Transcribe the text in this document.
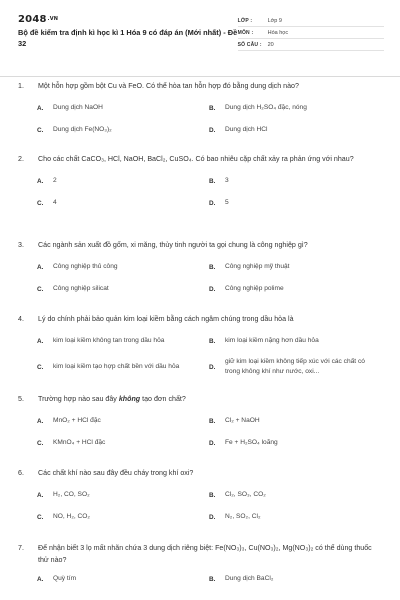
2048.VN
Bộ đề kiểm tra định kì học kì 1 Hóa 9 có đáp án (Mới nhất) - Đề 32
LỚP :	Lớp 9
MÔN :	Hóa học
SỐ CÂU :	20
1.	Một hỗn hợp gồm bột Cu và FeO. Có thể hòa tan hỗn hợp đó bằng dung dịch nào?
A.	Dung dịch NaOH	B.	Dung dịch H₂SO₄ đặc, nóng
C.	Dung dịch Fe(NO₃)₂	D.	Dung dịch HCl
2.	Cho các chất CaCO₃, HCl, NaOH, BaCl₂, CuSO₄. Có bao nhiêu cặp chất xảy ra phản ứng với nhau?
A.	2	B.	3
C.	4	D.	5
3.	Các ngành sản xuất đồ gốm, xi măng, thủy tinh người ta gọi chung là công nghiệp gì?
A.	Công nghiệp thủ công	B.	Công nghiệp mỹ thuật
C.	Công nghiệp silicat	D.	Công nghiệp polime
4.	Lý do chính phải bảo quản kim loại kiềm bằng cách ngâm chúng trong dầu hỏa là
A.	kim loại kiềm không tan trong dầu hỏa	B.	kim loại kiềm nặng hơn dầu hỏa
C.	kim loại kiềm tạo hợp chất bền với dầu hỏa	D.
giữ kim loại kiềm không tiếp xúc với các chất có trong không khí như nước, oxi...
5.	Trường hợp nào sau đây không tạo đơn chất?
A.	MnO₂ + HCl đặc	B.	Cl₂ + NaOH
C.	KMnO₄ + HCl đặc	D.	Fe + H₂SO₄ loãng
6.	Các chất khí nào sau đây đều cháy trong khí oxi?
A.	H₂, CO, SO₂	B.	Cl₂, SO₃, CO₂
C.	NO, H₂, CO₂	D.	N₂, SO₂, Cl₂
7.	Để nhận biết 3 lọ mất nhãn chứa 3 dung dịch riêng biệt: Fe(NO₃)₃, Cu(NO₃)₂, Mg(NO₃)₂ có thể dùng thuốc thử nào?
A.	Quỳ tím	B.	Dung dịch BaCl₂
